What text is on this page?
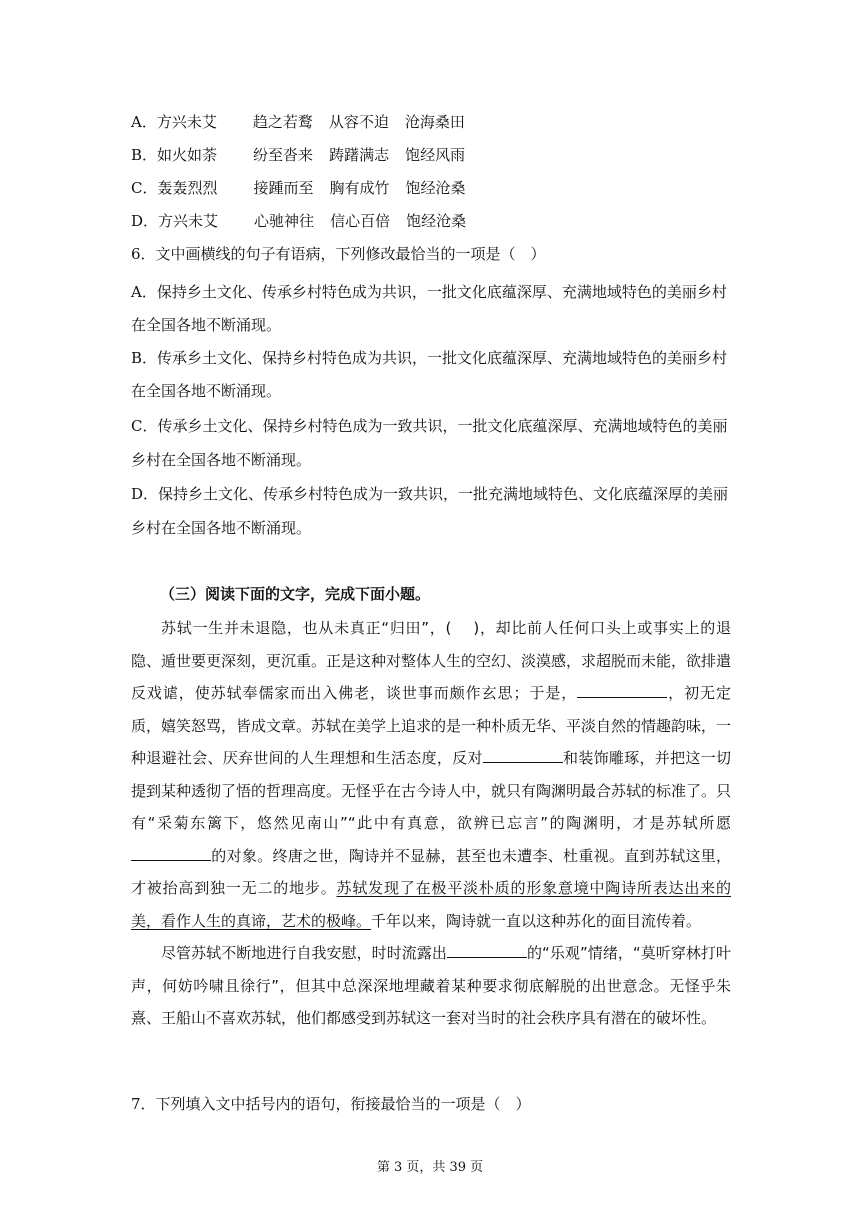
A．方兴未艾 趋之若鹜 从容不迫 沧海桑田
B．如火如荼 纷至沓来 踌躇满志 饱经风雨
C．轰轰烈烈 接踵而至 胸有成竹 饱经沧桑
D．方兴未艾 心驰神往 信心百倍 饱经沧桑
6．文中画横线的句子有语病，下列修改最恰当的一项是（　）
A．保持乡土文化、传承乡村特色成为共识，一批文化底蕴深厚、充满地域特色的美丽乡村
在全国各地不断涌现。
B．传承乡土文化、保持乡村特色成为共识，一批文化底蕴深厚、充满地域特色的美丽乡村
在全国各地不断涌现。
C．传承乡土文化、保持乡村特色成为一致共识，一批文化底蕴深厚、充满地域特色的美丽
乡村在全国各地不断涌现。
D．保持乡土文化、传承乡村特色成为一致共识，一批充满地域特色、文化底蕴深厚的美丽
乡村在全国各地不断涌现。
（三）阅读下面的文字，完成下面小题。

苏轼一生并未退隐，也从未真正“归田”，(　 )，却比前人任何口头上或事实上的退隐、遁世要更深刻，更沉重。正是这种对整体人生的空幻、淡漠感，求超脱而未能，欲排遣反戏谑，使苏轼奉儒家而出入佛老，谈世事而颇作玄思；于是，	，初无定质，嬉笑怒骂，皆成文章。苏轼在美学上追求的是一种朴质无华、平淡自然的情趣韵味，一种退避社会、厌弃世间的人生理想和生活态度，反对	和装饰雕琢，并把这一切提到某种透彻了悟的哲理高度。无怪乎在古今诗人中，就只有陶渊明最合苏轼的标准了。只有“采菊东篱下，悠然见南山”“此中有真意，欲辨已忘言”的陶渊明，才是苏轼所愿的对象。终唐之世，陶诗并不显赫，甚至也未遭李、杜重视。直到苏轼这里，才被抬高到独一无二的地步。苏轼发现了在极平淡朴质的形象意境中陶诗所表达出来的美，看作人生的真谛，艺术的极峰。千年以来，陶诗就一直以这种苏化的面目流传着。

尽管苏轼不断地进行自我安慰，时时流露出	的“乐观”情绪，“莫听穿林打叶声，何妨吟啸且徐行”，但其中总深深地埋藏着某种要求彻底解脱的出世意念。无怪乎朱熹、王船山不喜欢苏轼，他们都感受到苏轼这一套对当时的社会秩序具有潜在的破坏性。

7．下列填入文中括号内的语句，衔接最恰当的一项是（　）
第 3 页，共 39 页
